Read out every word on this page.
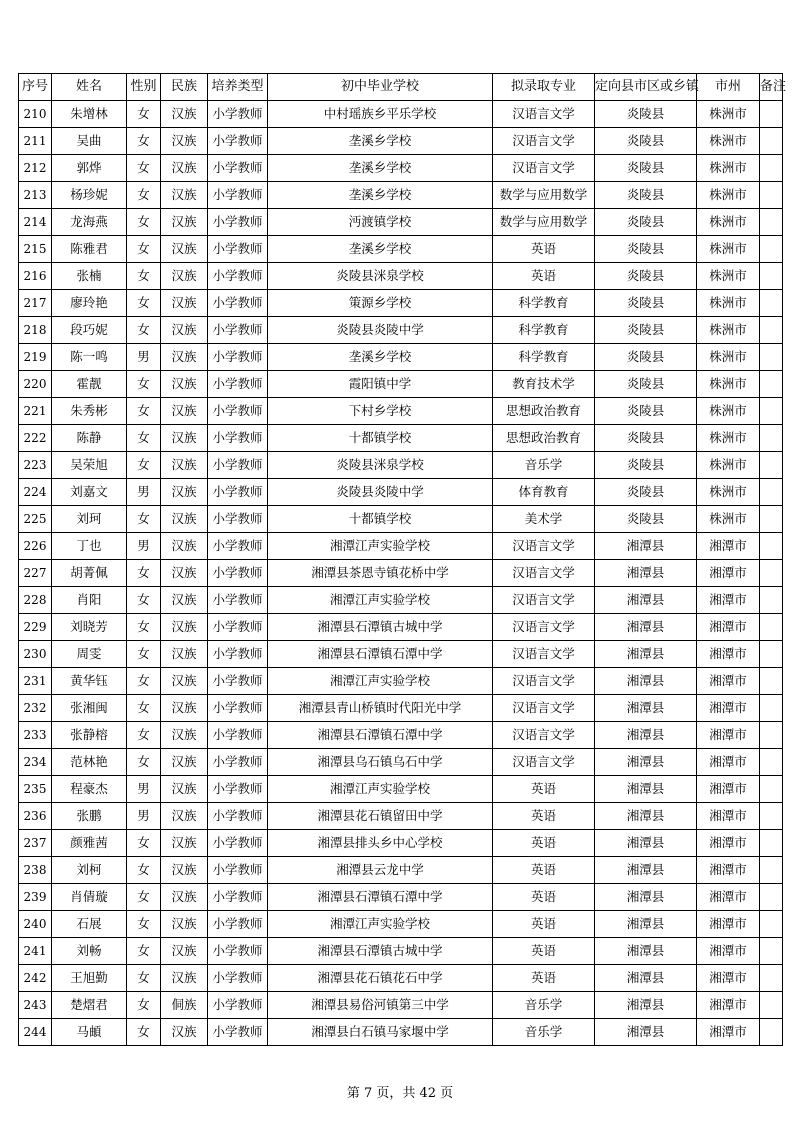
序号	姓名	性别	民族	培养类型	初中毕业学校	拟录取专业	定向县市区或乡镇	市州	备注
210	朱增林	女	汉族	小学教师	中村瑶族乡平乐学校	汉语言文学	炎陵县	株洲市	
211	吴曲	女	汉族	小学教师	垄溪乡学校	汉语言文学	炎陵县	株洲市	
212	郭烨	女	汉族	小学教师	垄溪乡学校	汉语言文学	炎陵县	株洲市	
213	杨珍妮	女	汉族	小学教师	垄溪乡学校	数学与应用数学	炎陵县	株洲市	
214	龙海燕	女	汉族	小学教师	沔渡镇学校	数学与应用数学	炎陵县	株洲市	
215	陈雅君	女	汉族	小学教师	垄溪乡学校	英语	炎陵县	株洲市	
216	张楠	女	汉族	小学教师	炎陵县洣泉学校	英语	炎陵县	株洲市	
217	廖玲艳	女	汉族	小学教师	策源乡学校	科学教育	炎陵县	株洲市	
218	段巧妮	女	汉族	小学教师	炎陵县炎陵中学	科学教育	炎陵县	株洲市	
219	陈一鸣	男	汉族	小学教师	垄溪乡学校	科学教育	炎陵县	株洲市	
220	霍靓	女	汉族	小学教师	霞阳镇中学	教育技术学	炎陵县	株洲市	
221	朱秀彬	女	汉族	小学教师	下村乡学校	思想政治教育	炎陵县	株洲市	
222	陈静	女	汉族	小学教师	十都镇学校	思想政治教育	炎陵县	株洲市	
223	吴荣旭	女	汉族	小学教师	炎陵县洣泉学校	音乐学	炎陵县	株洲市	
224	刘嘉文	男	汉族	小学教师	炎陵县炎陵中学	体育教育	炎陵县	株洲市	
225	刘珂	女	汉族	小学教师	十都镇学校	美术学	炎陵县	株洲市	
226	丁也	男	汉族	小学教师	湘潭江声实验学校	汉语言文学	湘潭县	湘潭市	
227	胡菁佩	女	汉族	小学教师	湘潭县茶恩寺镇花桥中学	汉语言文学	湘潭县	湘潭市	
228	肖阳	女	汉族	小学教师	湘潭江声实验学校	汉语言文学	湘潭县	湘潭市	
229	刘晓芳	女	汉族	小学教师	湘潭县石潭镇古城中学	汉语言文学	湘潭县	湘潭市	
230	周雯	女	汉族	小学教师	湘潭县石潭镇石潭中学	汉语言文学	湘潭县	湘潭市	
231	黄华钰	女	汉族	小学教师	湘潭江声实验学校	汉语言文学	湘潭县	湘潭市	
232	张湘闽	女	汉族	小学教师	湘潭县青山桥镇时代阳光中学	汉语言文学	湘潭县	湘潭市	
233	张静榕	女	汉族	小学教师	湘潭县石潭镇石潭中学	汉语言文学	湘潭县	湘潭市	
234	范林艳	女	汉族	小学教师	湘潭县乌石镇乌石中学	汉语言文学	湘潭县	湘潭市	
235	程豪杰	男	汉族	小学教师	湘潭江声实验学校	英语	湘潭县	湘潭市	
236	张鹏	男	汉族	小学教师	湘潭县花石镇留田中学	英语	湘潭县	湘潭市	
237	颜雅茜	女	汉族	小学教师	湘潭县排头乡中心学校	英语	湘潭县	湘潭市	
238	刘柯	女	汉族	小学教师	湘潭县云龙中学	英语	湘潭县	湘潭市	
239	肖倩璇	女	汉族	小学教师	湘潭县石潭镇石潭中学	英语	湘潭县	湘潭市	
240	石展	女	汉族	小学教师	湘潭江声实验学校	英语	湘潭县	湘潭市	
241	刘畅	女	汉族	小学教师	湘潭县石潭镇古城中学	英语	湘潭县	湘潭市	
242	王旭勤	女	汉族	小学教师	湘潭县花石镇花石中学	英语	湘潭县	湘潭市	
243	楚熠君	女	侗族	小学教师	湘潭县易俗河镇第三中学	音乐学	湘潭县	湘潭市	
244	马頔	女	汉族	小学教师	湘潭县白石镇马家堰中学	音乐学	湘潭县	湘潭市	
第 7 页，共 42 页
